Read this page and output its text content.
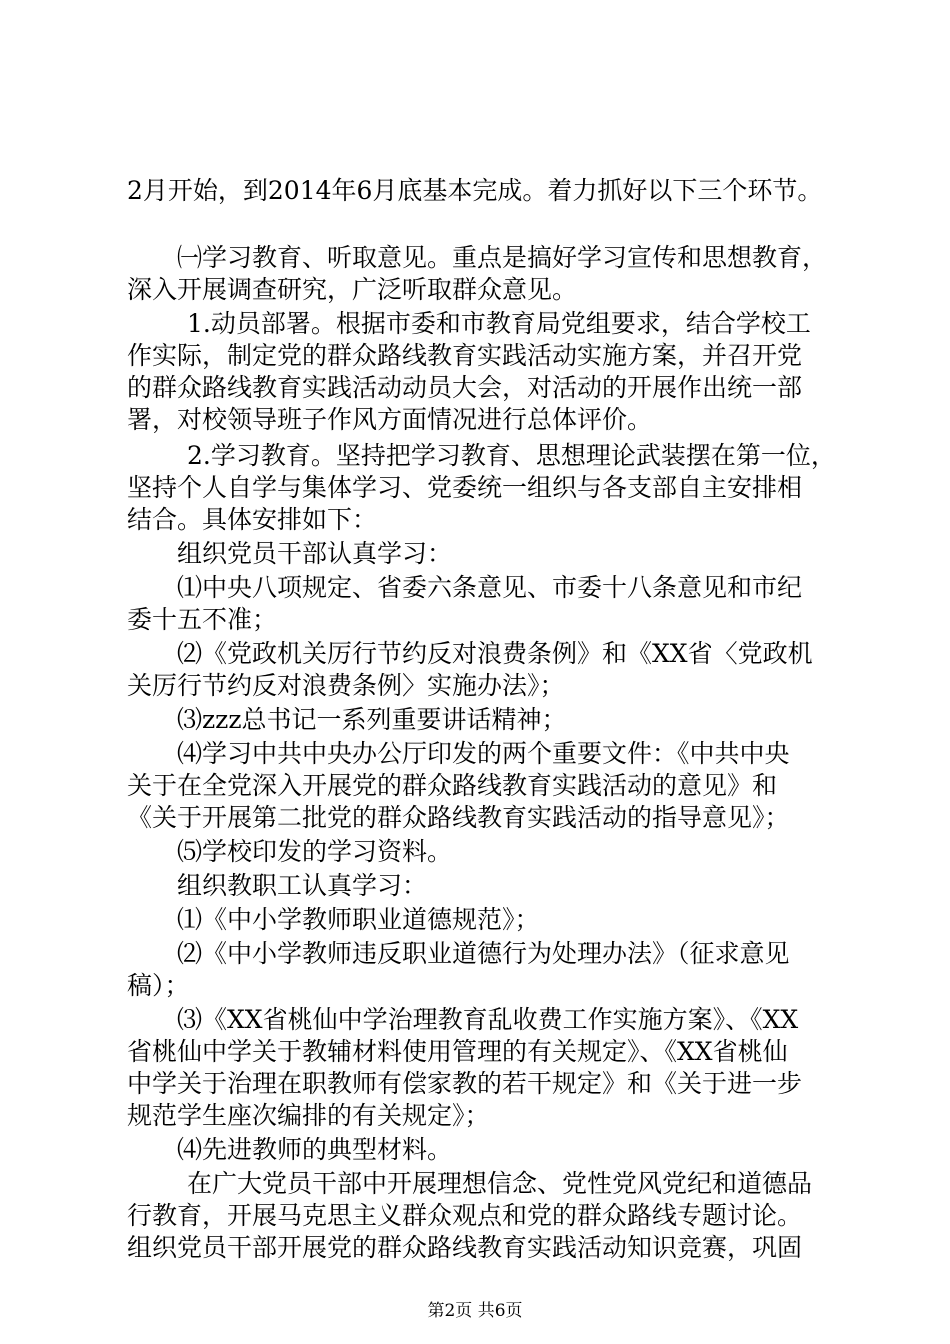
2月开始，到2014年6月底基本完成。着力抓好以下三个环节。
㈠学习教育、听取意见。重点是搞好学习宣传和思想教育，
深入开展调查研究，广泛听取群众意见。
1.动员部署。根据市委和市教育局党组要求，结合学校工
作实际，制定党的群众路线教育实践活动实施方案，并召开党
的群众路线教育实践活动动员大会，对活动的开展作出统一部
署，对校领导班子作风方面情况进行总体评价。
2.学习教育。坚持把学习教育、思想理论武装摆在第一位，
坚持个人自学与集体学习、党委统一组织与各支部自主安排相
结合。具体安排如下：
组织党员干部认真学习：
⑴中央八项规定、省委六条意见、市委十八条意见和市纪
委十五不准；
⑵《党政机关厉行节约反对浪费条例》和《XX省〈党政机
关厉行节约反对浪费条例〉实施办法》；
⑶zzz总书记一系列重要讲话精神；
⑷学习中共中央办公厅印发的两个重要文件：《中共中央
关于在全党深入开展党的群众路线教育实践活动的意见》和
《关于开展第二批党的群众路线教育实践活动的指导意见》；
⑸学校印发的学习资料。
组织教职工认真学习：
⑴《中小学教师职业道德规范》；
⑵《中小学教师违反职业道德行为处理办法》（征求意见
稿）；
⑶《XX省桃仙中学治理教育乱收费工作实施方案》、《XX
省桃仙中学关于教辅材料使用管理的有关规定》、《XX省桃仙
中学关于治理在职教师有偿家教的若干规定》和《关于进一步
规范学生座次编排的有关规定》；
⑷先进教师的典型材料。
在广大党员干部中开展理想信念、党性党风党纪和道德品
行教育，开展马克思主义群众观点和党的群众路线专题讨论。
组织党员干部开展党的群众路线教育实践活动知识竞赛，巩固
第2页 共6页
